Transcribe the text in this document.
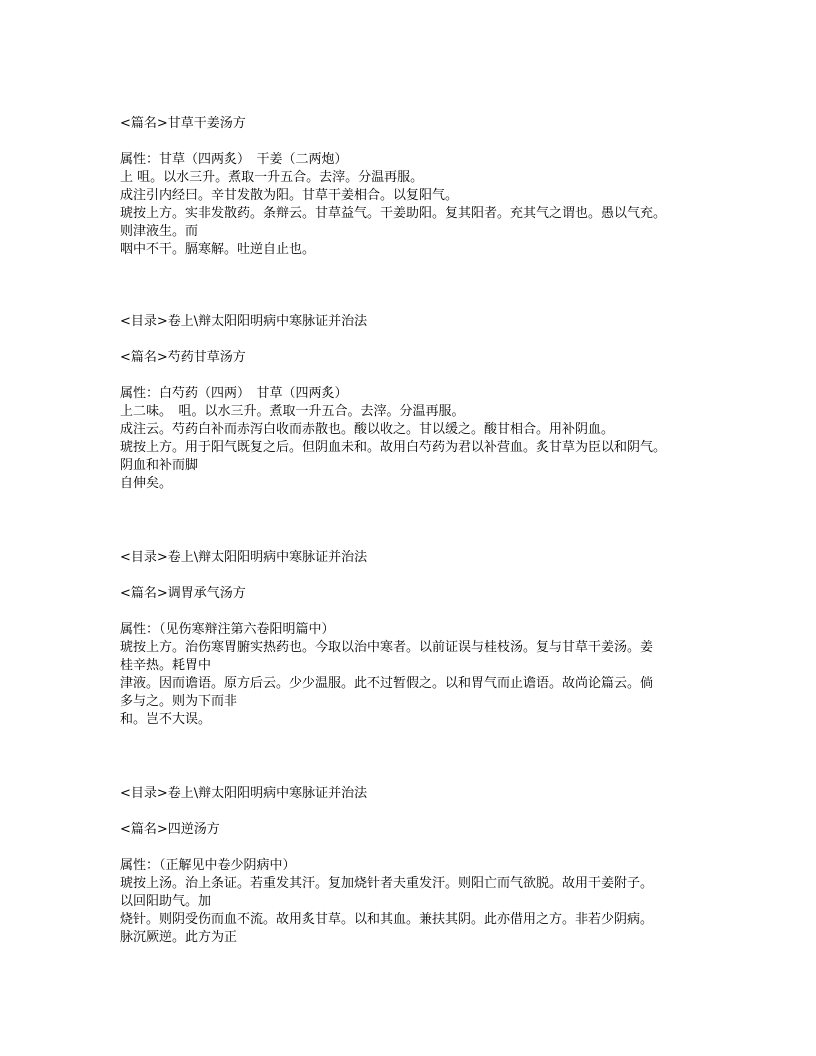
<篇名>甘草干姜汤方
属性：甘草（四两炙）　干姜（二两炮）
上 咀。以水三升。煮取一升五合。去滓。分温再服。
成注引内经曰。辛甘发散为阳。甘草干姜相合。以复阳气。
琥按上方。实非发散药。条辩云。甘草益气。干姜助阳。复其阳者。充其气之谓也。愚以气充。
则津液生。而
咽中不干。膈寒解。吐逆自止也。
<目录>卷上\辩太阳阳明病中寒脉证并治法
<篇名>芍药甘草汤方
属性：白芍药（四两）　甘草（四两炙）
上二味。　咀。以水三升。煮取一升五合。去滓。分温再服。
成注云。芍药白补而赤泻白收而赤散也。酸以收之。甘以缓之。酸甘相合。用补阴血。
琥按上方。用于阳气既复之后。但阴血未和。故用白芍药为君以补营血。炙甘草为臣以和阴气。
阴血和补而脚
自伸矣。
<目录>卷上\辩太阳阳明病中寒脉证并治法
<篇名>调胃承气汤方
属性：（见伤寒辩注第六卷阳明篇中）
琥按上方。治伤寒胃腑实热药也。今取以治中寒者。以前证误与桂枝汤。复与甘草干姜汤。姜
桂辛热。耗胃中
津液。因而谵语。原方后云。少少温服。此不过暂假之。以和胃气而止谵语。故尚论篇云。倘
多与之。则为下而非
和。岂不大误。
<目录>卷上\辩太阳阳明病中寒脉证并治法
<篇名>四逆汤方
属性：（正解见中卷少阴病中）
琥按上汤。治上条证。若重发其汗。复加烧针者夫重发汗。则阳亡而气欲脱。故用干姜附子。
以回阳助气。加
烧针。则阴受伤而血不流。故用炙甘草。以和其血。兼扶其阴。此亦借用之方。非若少阴病。
脉沉厥逆。此方为正
